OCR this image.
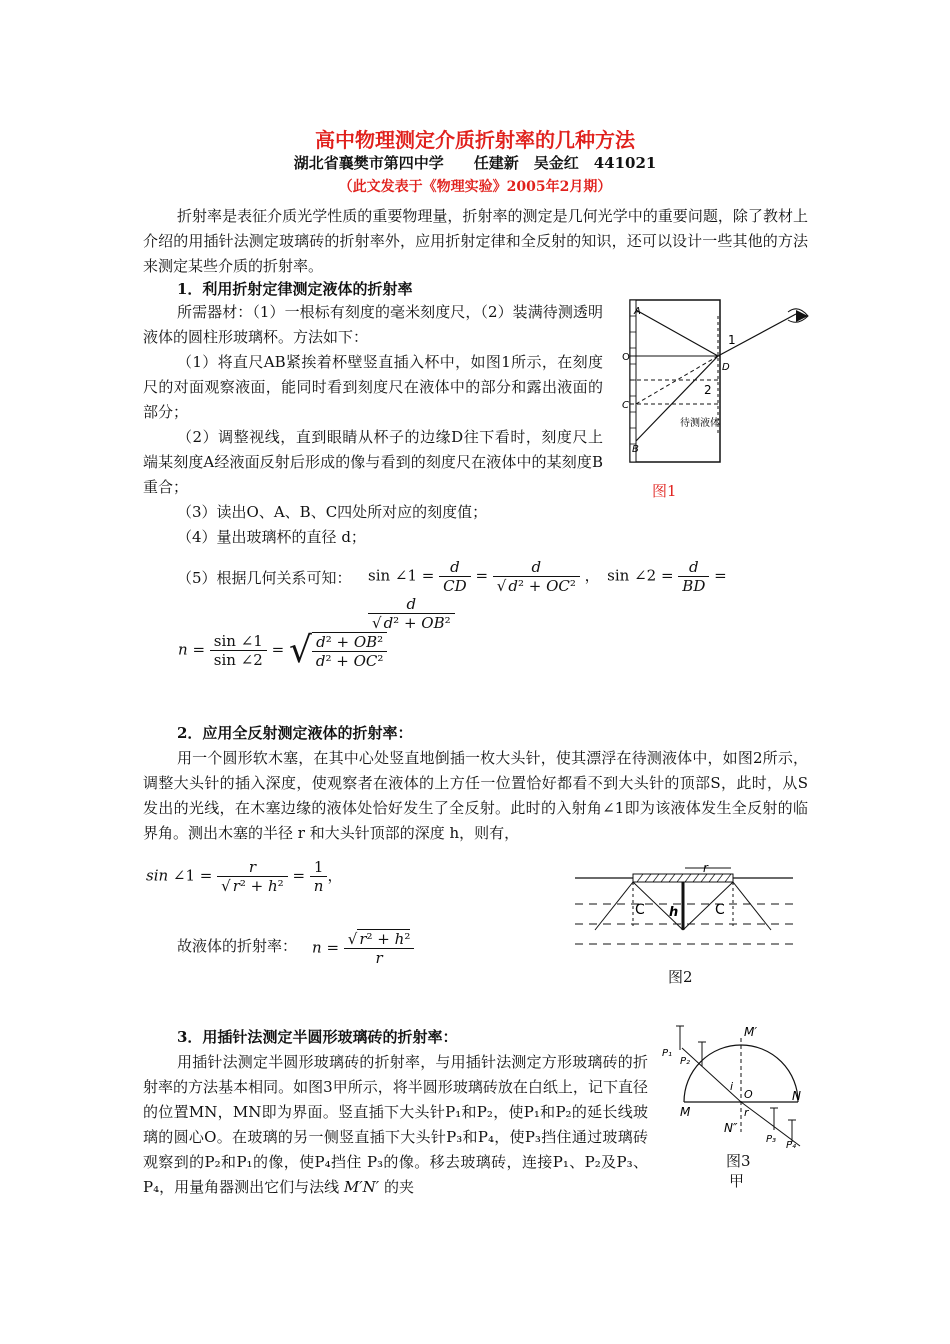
高中物理测定介质折射率的几种方法
湖北省襄樊市第四中学　　任建新　吴金红　441021
（此文发表于《物理实验》2005年2月期）
折射率是表征介质光学性质的重要物理量，折射率的测定是几何光学中的重要问题，除了教材上介绍的用插针法测定玻璃砖的折射率外，应用折射定律和全反射的知识，还可以设计一些其他的方法来测定某些介质的折射率。
1．利用折射定律测定液体的折射率
所需器材：（1）一根标有刻度的毫米刻度尺，（2）装满待测透明液体的圆柱形玻璃杯。方法如下：
（1）将直尺AB紧挨着杯壁竖直插入杯中，如图1所示，在刻度尺的对面观察液面，能同时看到刻度尺在液体中的部分和露出液面的部分；
（2）调整视线，直到眼睛从杯子的边缘D往下看时，刻度尺上端某刻度A经液面反射后形成的像与看到的刻度尺在液体中的某刻度B重合；
（3）读出O、A、B、C四处所对应的刻度值；
（4）量出玻璃杯的直径 d；
（5）根据几何关系可知： sin ∠1 = $\frac{d}{CD} = \frac{d}{\text{√ d² + OC²}}$ ，　sin ∠2 = $\frac{d}{BD}$ =
$\frac{d}{\text{√ d² + OB²}}$
$n = \frac{\sin \angle 1}{\sin \angle 2}$ = √ $\frac{\text{d² + OB²}}{\text{d² + OC²}}$
A
O
C
B
D
1
2
待测液体
图1
2．应用全反射测定液体的折射率：
用一个圆形软木塞，在其中心处竖直地倒插一枚大头针，使其漂浮在待测液体中，如图2所示，调整大头针的插入深度，使观察者在液体的上方任一位置恰好都看不到大头针的顶部S，此时，从S发出的光线，在木塞边缘的液体处恰好发生了全反射。此时的入射角∠1即为该液体发生全反射的临界角。测出木塞的半径 r 和大头针顶部的深度 h，则有，
sin ∠1 = $\frac{r}{\text{√ r² + h²}} = \frac{1}{n}$ ，
故液体的折射率： $n = \frac{\text{√ r² + h²}}{r}$
r
h
C	C
图2
3．用插针法测定半圆形玻璃砖的折射率：
用插针法测定半圆形玻璃砖的折射率，与用插针法测定方形玻璃砖的折射率的方法基本相同。如图3甲所示，将半圆形玻璃砖放在白纸上，记下直径的位置MN，MN即为界面。竖直插下大头针P₁和P₂，使P₁和P₂的延长线玻璃的圆心O。在玻璃的另一侧竖直插下大头针P₃和P₄，使P₃挡住通过玻璃砖观察到的P₂和P₁的像，使P₄挡住 P₃的像。移去玻璃砖，连接P₁、P₂及P₃、P₄，用量角器测出它们与法线 M′N′ 的夹
P₁
P₂
P₃
P₄
M′
O
i
r
M
N
N″
图3
甲
